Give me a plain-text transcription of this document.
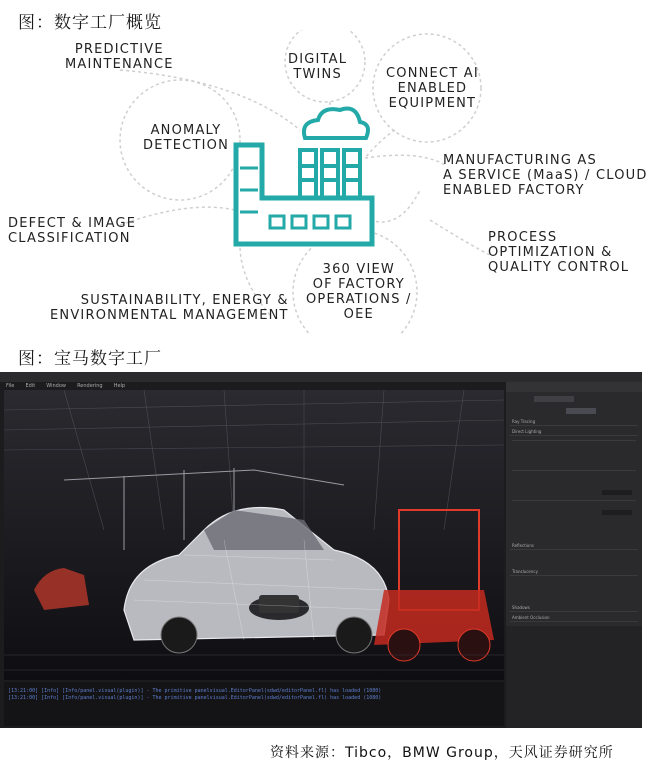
图：数字工厂概览
PREDICTIVE
MAINTENANCE	DIGITAL
TWINS	CONNECT AI
ENABLED
EQUIPMENT
ANOMALY
DETECTION
MANUFACTURING AS
A SERVICE (MaaS) / CLOUD
ENABLED FACTORY
DEFECT & IMAGE
CLASSIFICATION	PROCESS
OPTIMIZATION &
QUALITY CONTROL
360 VIEW
OF FACTORY
OPERATIONS /
OEE
SUSTAINABILITY, ENERGY &
ENVIRONMENTAL MANAGEMENT
图：宝马数字工厂
File Edit Window Rendering Help
Ray Tracing
Direct Lighting
Reflections
Translucency
Shadows
Ambient Occlusion
[13:21:00] [Info] [Info/panel.visual(plugin)] - The primitive panelvisual.EditorPanel(sdwd/editorPanel.fl) has loaded (1080)
[13:21:00] [Info] [Info/panel.visual(plugin)] - The primitive panelvisual.EditorPanel(sdwd/editorPanel.fl) has loaded (1080)
资料来源：Tibco，BMW Group，天风证券研究所
